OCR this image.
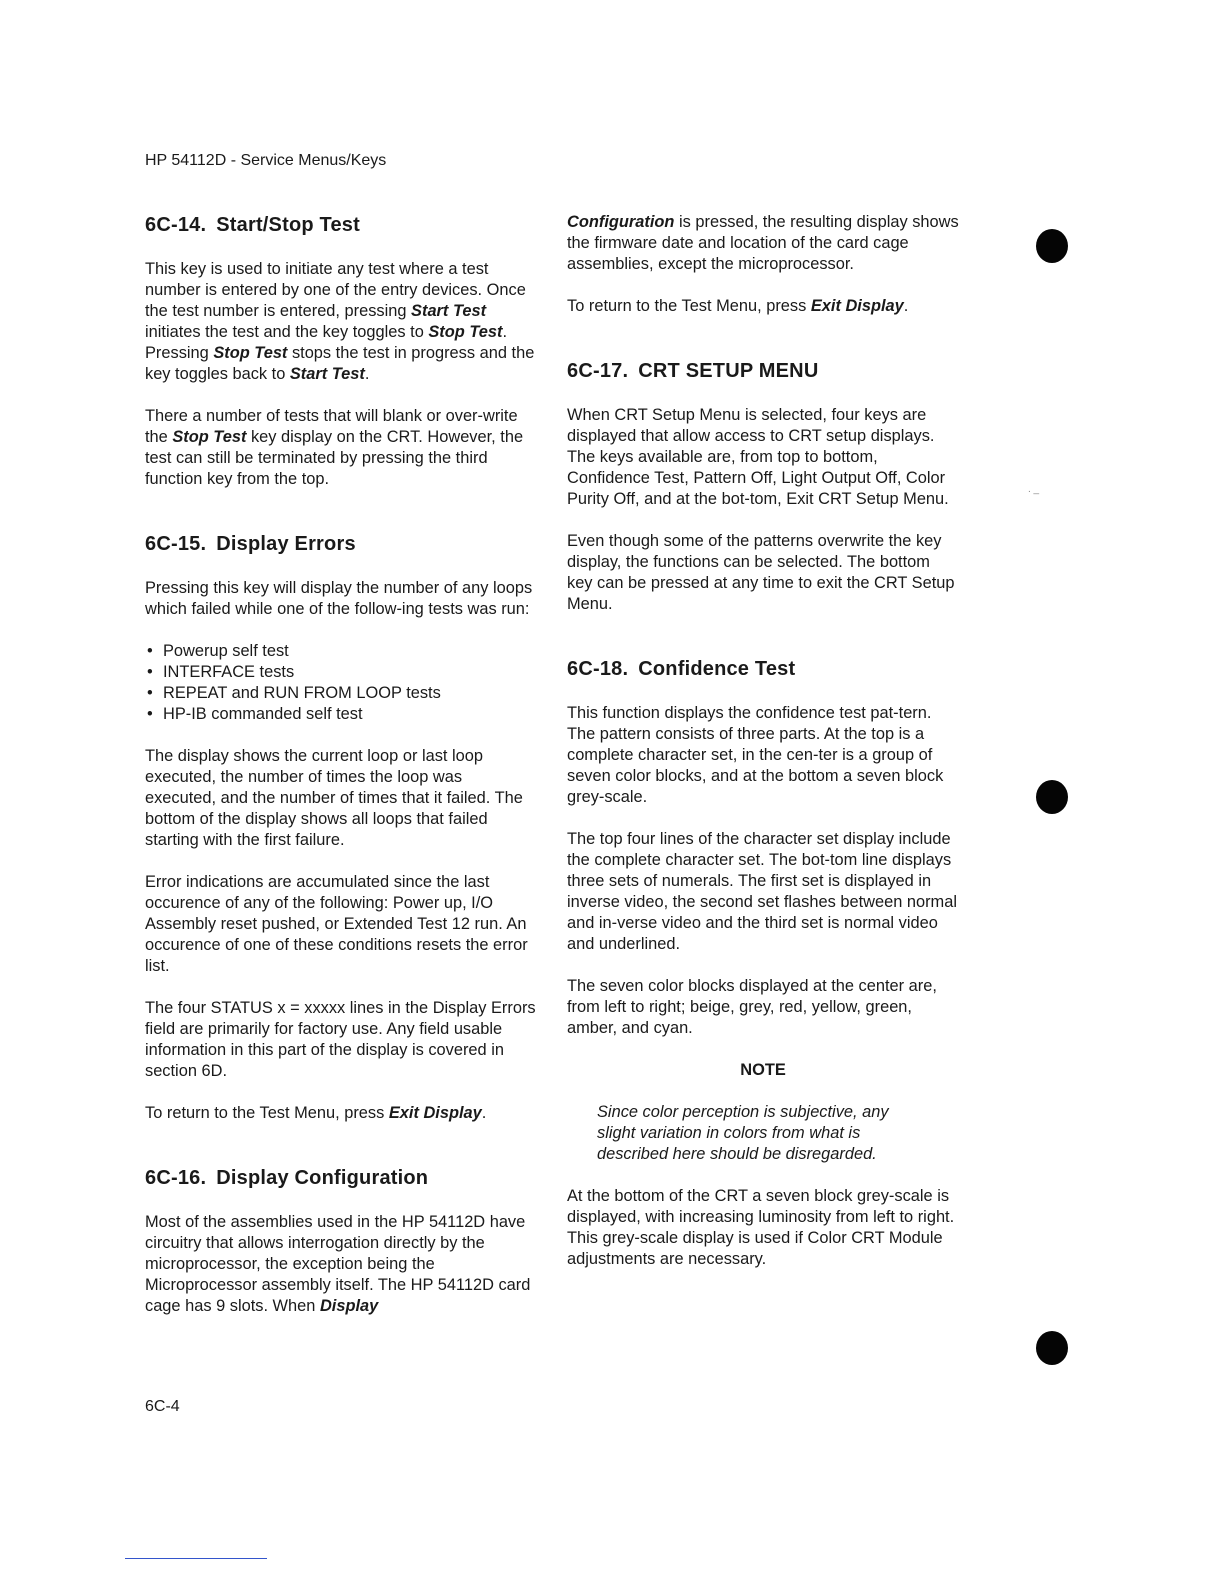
HP 54112D - Service Menus/Keys
6C-14. Start/Stop Test

This key is used to initiate any test where a test number is entered by one of the entry devices. Once the test number is entered, pressing Start Test initiates the test and the key toggles to Stop Test. Pressing Stop Test stops the test in progress and the key toggles back to Start Test.

There a number of tests that will blank or over-write the Stop Test key display on the CRT. However, the test can still be terminated by pressing the third function key from the top.

6C-15. Display Errors

Pressing this key will display the number of any loops which failed while one of the follow-ing tests was run:

• Powerup self test
• INTERFACE tests
• REPEAT and RUN FROM LOOP tests
• HP-IB commanded self test

The display shows the current loop or last loop executed, the number of times the loop was executed, and the number of times that it failed. The bottom of the display shows all loops that failed starting with the first failure.

Error indications are accumulated since the last occurence of any of the following: Power up, I/O Assembly reset pushed, or Extended Test 12 run. An occurence of one of these conditions resets the error list.

The four STATUS x = xxxxx lines in the Display Errors field are primarily for factory use. Any field usable information in this part of the display is covered in section 6D.

To return to the Test Menu, press Exit Display.

6C-16. Display Configuration

Most of the assemblies used in the HP 54112D have circuitry that allows interrogation directly by the microprocessor, the exception being the Microprocessor assembly itself. The HP 54112D card cage has 9 slots. When Display

Configuration is pressed, the resulting display shows the firmware date and location of the card cage assemblies, except the microprocessor.

To return to the Test Menu, press Exit Display.

6C-17. CRT SETUP MENU

When CRT Setup Menu is selected, four keys are displayed that allow access to CRT setup displays. The keys available are, from top to bottom, Confidence Test, Pattern Off, Light Output Off, Color Purity Off, and at the bot-tom, Exit CRT Setup Menu.

Even though some of the patterns overwrite the key display, the functions can be selected. The bottom key can be pressed at any time to exit the CRT Setup Menu.

6C-18. Confidence Test

This function displays the confidence test pat-tern. The pattern consists of three parts. At the top is a complete character set, in the cen-ter is a group of seven color blocks, and at the bottom a seven block grey-scale.

The top four lines of the character set display include the complete character set. The bot-tom line displays three sets of numerals. The first set is displayed in inverse video, the second set flashes between normal and in-verse video and the third set is normal video and underlined.

The seven color blocks displayed at the center are, from left to right; beige, grey, red, yellow, green, amber, and cyan.

NOTE
Since color perception is subjective, any slight variation in colors from what is described here should be disregarded.

At the bottom of the CRT a seven block grey-scale is displayed, with increasing luminosity from left to right. This grey-scale display is used if Color CRT Module adjustments are necessary.

. _
6C-4
